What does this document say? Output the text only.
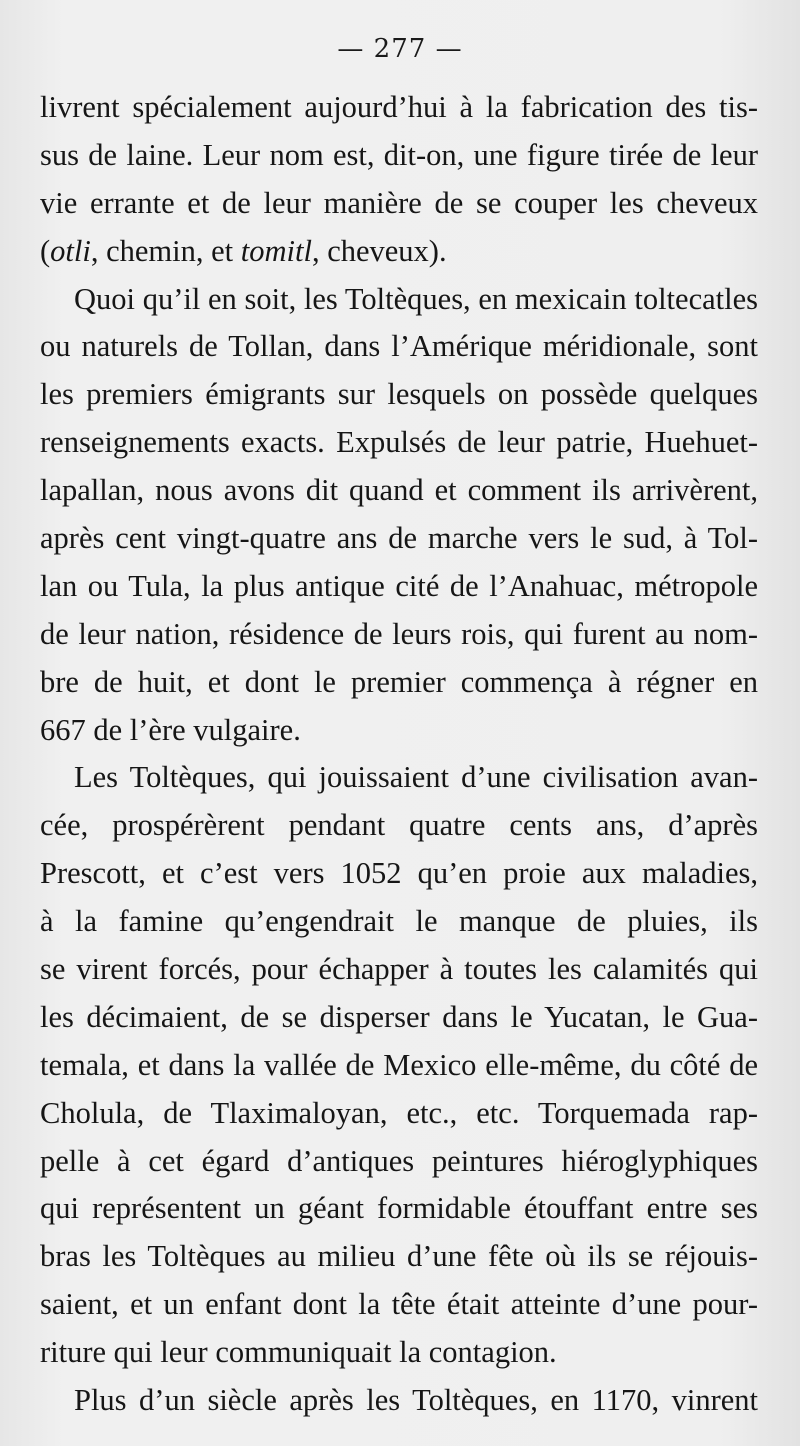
— 277 —
livrent spécialement aujourd’hui à la fabrication des tis-
sus de laine. Leur nom est, dit-on, une figure tirée de leur
vie errante et de leur manière de se couper les cheveux
(otli, chemin, et tomitl, cheveux).
Quoi qu’il en soit, les Toltèques, en mexicain toltecatles
ou naturels de Tollan, dans l’Amérique méridionale, sont
les premiers émigrants sur lesquels on possède quelques
renseignements exacts. Expulsés de leur patrie, Huehuet-
lapallan, nous avons dit quand et comment ils arrivèrent,
après cent vingt-quatre ans de marche vers le sud, à Tol-
lan ou Tula, la plus antique cité de l’Anahuac, métropole
de leur nation, résidence de leurs rois, qui furent au nom-
bre de huit, et dont le premier commença à régner en
667 de l’ère vulgaire.
Les Toltèques, qui jouissaient d’une civilisation avan-
cée, prospérèrent pendant quatre cents ans, d’après
Prescott, et c’est vers 1052 qu’en proie aux maladies,
à la famine qu’engendrait le manque de pluies, ils
se virent forcés, pour échapper à toutes les calamités qui
les décimaient, de se disperser dans le Yucatan, le Gua-
temala, et dans la vallée de Mexico elle-même, du côté de
Cholula, de Tlaximaloyan, etc., etc. Torquemada rap-
pelle à cet égard d’antiques peintures hiéroglyphiques
qui représentent un géant formidable étouffant entre ses
bras les Toltèques au milieu d’une fête où ils se réjouis-
saient, et un enfant dont la tête était atteinte d’une pour-
riture qui leur communiquait la contagion.
Plus d’un siècle après les Toltèques, en 1170, vinrent
